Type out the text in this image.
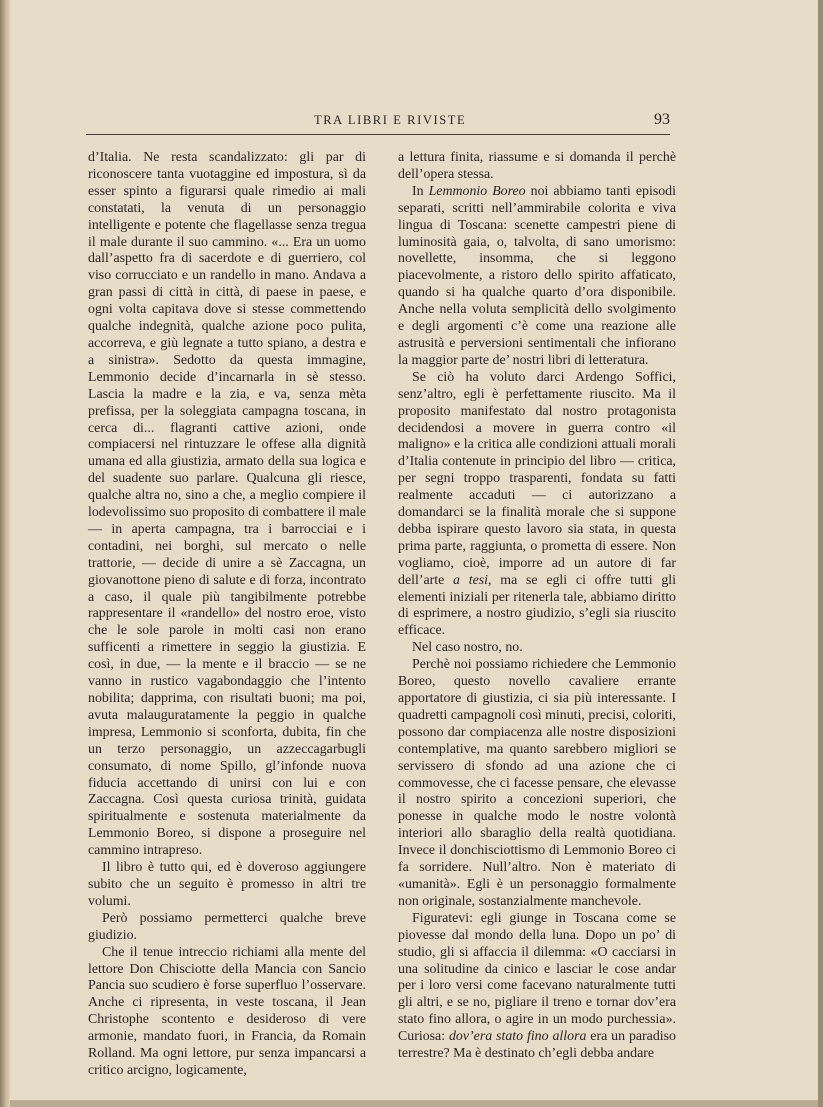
TRA LIBRI E RIVISTE	93

d’Italia. Ne resta scandalizzato: gli par di riconoscere tanta vuotaggine ed impostura, sì da esser spinto a figurarsi quale rimedio ai mali constatati, la venuta di un personaggio intelligente e potente che flagellasse senza tregua il male durante il suo cammino. «... Era un uomo dall’aspetto fra di sacerdote e di guerriero, col viso corrucciato e un randello in mano. Andava a gran passi di città in città, di paese in paese, e ogni volta capitava dove si stesse commettendo qualche indegnità, qualche azione poco pulita, accorreva, e giù legnate a tutto spiano, a destra e a sinistra». Sedotto da questa immagine, Lemmonio decide d’incarnarla in sè stesso. Lascia la madre e la zia, e va, senza mèta prefissa, per la soleggiata campagna toscana, in cerca di... flagranti cattive azioni, onde compiacersi nel rintuzzare le offese alla dignità umana ed alla giustizia, armato della sua logica e del suadente suo parlare. Qualcuna gli riesce, qualche altra no, sino a che, a meglio compiere il lodevolissimo suo proposito di combattere il male — in aperta campagna, tra i barrocciai e i contadini, nei borghi, sul mercato o nelle trattorie, — decide di unire a sè Zaccagna, un giovanottone pieno di salute e di forza, incontrato a caso, il quale più tangibilmente potrebbe rappresentare il «randello» del nostro eroe, visto che le sole parole in molti casi non erano sufficenti a rimettere in seggio la giustizia. E così, in due, — la mente e il braccio — se ne vanno in rustico vagabondaggio che l’intento nobilita; dapprima, con risultati buoni; ma poi, avuta malauguratamente la peggio in qualche impresa, Lemmonio si sconforta, dubita, fin che un terzo personaggio, un azzeccagarbugli consumato, di nome Spillo, gl’infonde nuova fiducia accettando di unirsi con lui e con Zaccagna. Così questa curiosa trinità, guidata spiritualmente e sostenuta materialmente da Lemmonio Boreo, si dispone a proseguire nel cammino intrapreso.

Il libro è tutto qui, ed è doveroso aggiungere subito che un seguito è promesso in altri tre volumi.

Però possiamo permetterci qualche breve giudizio.

Che il tenue intreccio richiami alla mente del lettore Don Chisciotte della Mancia con Sancio Pancia suo scudiero è forse superfluo l’osservare. Anche ci ripresenta, in veste toscana, il Jean Christophe scontento e desideroso di vere armonie, mandato fuori, in Francia, da Romain Rolland. Ma ogni lettore, pur senza impancarsi a critico arcigno, logicamente,

a lettura finita, riassume e si domanda il perchè dell’opera stessa.

In Lemmonio Boreo noi abbiamo tanti episodi separati, scritti nell’ammirabile colorita e viva lingua di Toscana: scenette campestri piene di luminosità gaia, o, talvolta, di sano umorismo: novellette, insomma, che si leggono piacevolmente, a ristoro dello spirito affaticato, quando si ha qualche quarto d’ora disponibile. Anche nella voluta semplicità dello svolgimento e degli argomenti c’è come una reazione alle astrusità e perversioni sentimentali che infiorano la maggior parte de’ nostri libri di letteratura.

Se ciò ha voluto darci Ardengo Soffici, senz’altro, egli è perfettamente riuscito. Ma il proposito manifestato dal nostro protagonista decidendosi a movere in guerra contro «il maligno» e la critica alle condizioni attuali morali d’Italia contenute in principio del libro — critica, per segni troppo trasparenti, fondata su fatti realmente accaduti — ci autorizzano a domandarci se la finalità morale che si suppone debba ispirare questo lavoro sia stata, in questa prima parte, raggiunta, o prometta di essere. Non vogliamo, cioè, imporre ad un autore di far dell’arte a tesi, ma se egli ci offre tutti gli elementi iniziali per ritenerla tale, abbiamo diritto di esprimere, a nostro giudizio, s’egli sia riuscito efficace.

Nel caso nostro, no.

Perchè noi possiamo richiedere che Lemmonio Boreo, questo novello cavaliere errante apportatore di giustizia, ci sia più interessante. I quadretti campagnoli così minuti, precisi, coloriti, possono dar compiacenza alle nostre disposizioni contemplative, ma quanto sarebbero migliori se servissero di sfondo ad una azione che ci commovesse, che ci facesse pensare, che elevasse il nostro spirito a concezioni superiori, che ponesse in qualche modo le nostre volontà interiori allo sbaraglio della realtà quotidiana. Invece il donchisciottismo di Lemmonio Boreo ci fa sorridere. Null’altro. Non è materiato di «umanità». Egli è un personaggio formalmente non originale, sostanzialmente manchevole.

Figuratevi: egli giunge in Toscana come se piovesse dal mondo della luna. Dopo un po’ di studio, gli si affaccia il dilemma: «O cacciarsi in una solitudine da cinico e lasciar le cose andar per i loro versi come facevano naturalmente tutti gli altri, e se no, pigliare il treno e tornar dov’era stato fino allora, o agire in un modo purchessia». Curiosa: dov’era stato fino allora era un paradiso terrestre? Ma è destinato ch’egli debba andare
